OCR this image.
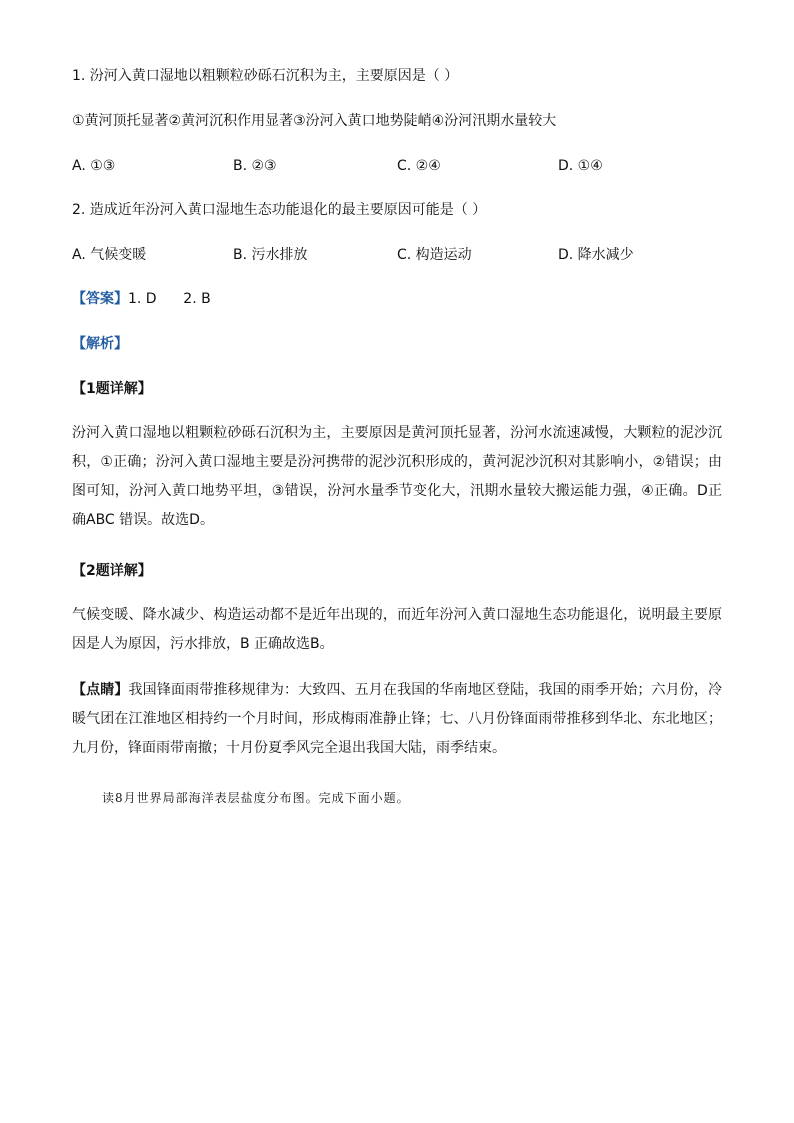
1. 汾河入黄口湿地以粗颗粒砂砾石沉积为主，主要原因是（ ）
①黄河顶托显著②黄河沉积作用显著③汾河入黄口地势陡峭④汾河汛期水量较大
A. ①③	B. ②③	C. ②④	D. ①④
2. 造成近年汾河入黄口湿地生态功能退化的最主要原因可能是（ ）
A. 气候变暖	B. 污水排放	C. 构造运动	D. 降水减少
【答案】1. D      2. B
【解析】
【1题详解】
汾河入黄口湿地以粗颗粒砂砾石沉积为主，主要原因是黄河顶托显著，汾河水流速减慢，大颗粒的泥沙沉积，①正确；汾河入黄口湿地主要是汾河携带的泥沙沉积形成的，黄河泥沙沉积对其影响小，②错误；由图可知，汾河入黄口地势平坦，③错误，汾河水量季节变化大，汛期水量较大搬运能力强，④正确。D正确ABC 错误。故选D。
【2题详解】
气候变暖、降水减少、构造运动都不是近年出现的，而近年汾河入黄口湿地生态功能退化，说明最主要原因是人为原因，污水排放，B 正确故选B。
【点睛】我国锋面雨带推移规律为：大致四、五月在我国的华南地区登陆，我国的雨季开始；六月份，冷暖气团在江淮地区相持约一个月时间，形成梅雨准静止锋；七、八月份锋面雨带推移到华北、东北地区；九月份，锋面雨带南撤；十月份夏季风完全退出我国大陆，雨季结束。
读8月世界局部海洋表层盐度分布图。完成下面小题。
